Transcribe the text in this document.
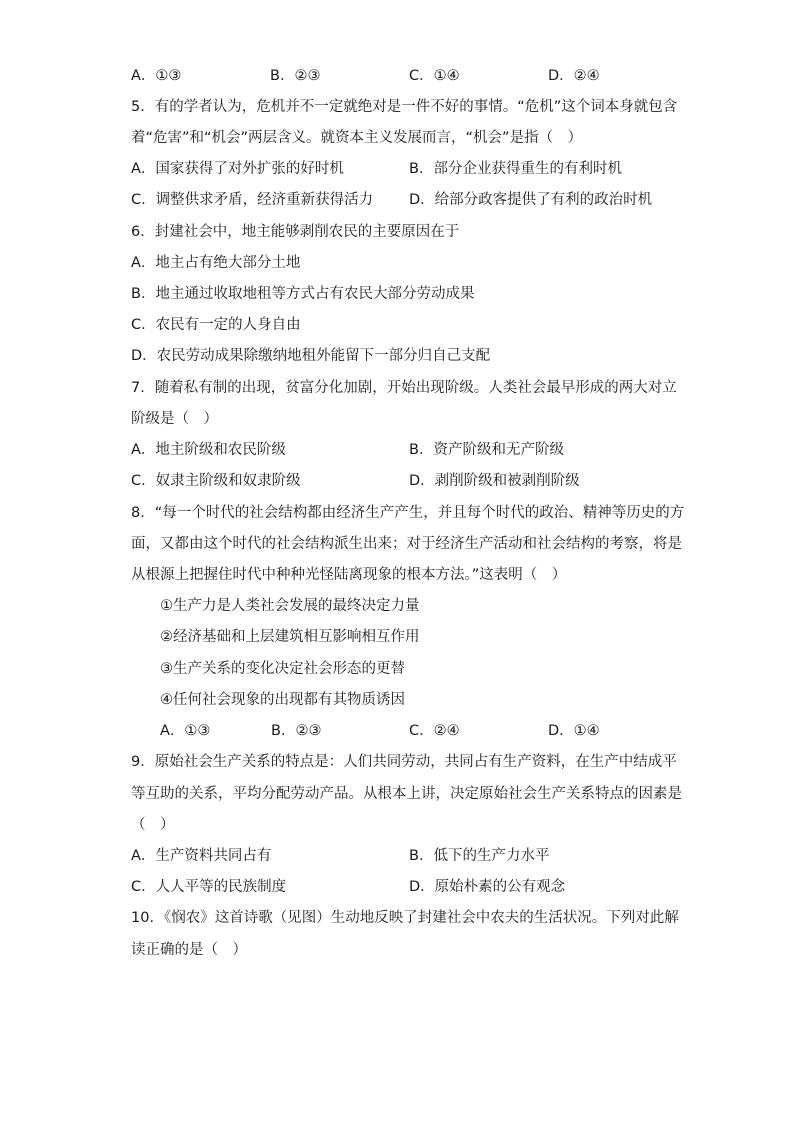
A．①③	B．②③	C．①④	D．②④
5．有的学者认为，危机并不一定就绝对是一件不好的事情。“危机”这个词本身就包含
着“危害”和“机会”两层含义。就资本主义发展而言，“机会”是指（　）
A．国家获得了对外扩张的好时机	B．部分企业获得重生的有利时机
C．调整供求矛盾，经济重新获得活力 D．给部分政客提供了有利的政治时机
6．封建社会中，地主能够剥削农民的主要原因在于
A．地主占有绝大部分土地
B．地主通过收取地租等方式占有农民大部分劳动成果
C．农民有一定的人身自由
D．农民劳动成果除缴纳地租外能留下一部分归自己支配
7．随着私有制的出现，贫富分化加剧，开始出现阶级。人类社会最早形成的两大对立
阶级是（　）
A．地主阶级和农民阶级	B．资产阶级和无产阶级
C．奴隶主阶级和奴隶阶级	D．剥削阶级和被剥削阶级
8．“每一个时代的社会结构都由经济生产产生，并且每个时代的政治、精神等历史的方
面，又都由这个时代的社会结构派生出来；对于经济生产活动和社会结构的考察，将是
从根源上把握住时代中种种光怪陆离现象的根本方法。”这表明（　）
①生产力是人类社会发展的最终决定力量
②经济基础和上层建筑相互影响相互作用
③生产关系的变化决定社会形态的更替
④任何社会现象的出现都有其物质诱因
A．①③	B．②③	C．②④	D．①④
9．原始社会生产关系的特点是：人们共同劳动，共同占有生产资料，在生产中结成平
等互助的关系，平均分配劳动产品。从根本上讲，决定原始社会生产关系特点的因素是
（　）
A．生产资料共同占有	B．低下的生产力水平
C．人人平等的民族制度	D．原始朴素的公有观念
10．《悯农》这首诗歌（见图）生动地反映了封建社会中农夫的生活状况。下列对此解
读正确的是（　）
